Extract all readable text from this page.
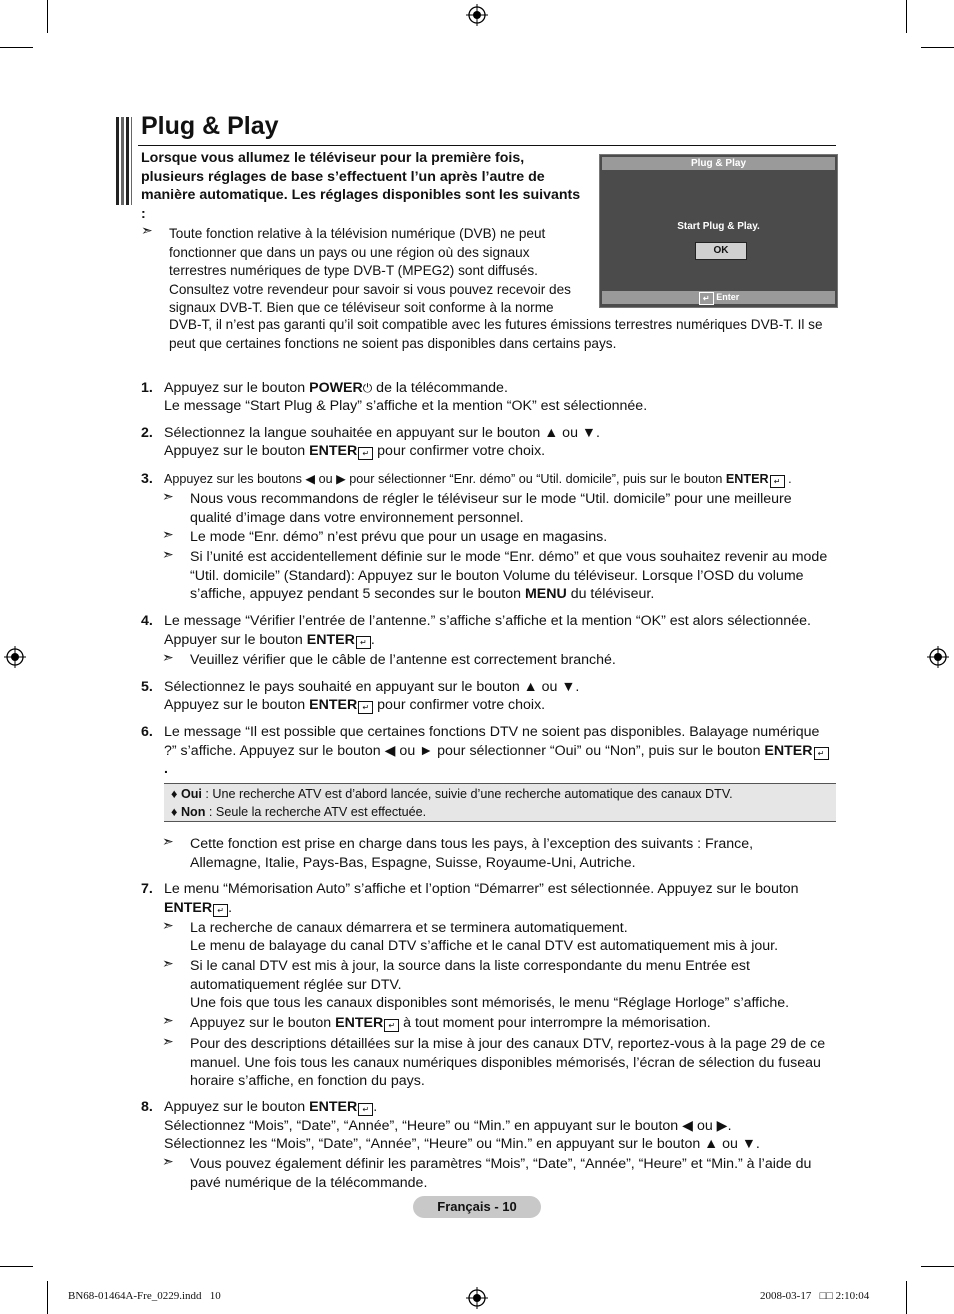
Plug & Play
Lorsque vous allumez le téléviseur pour la première fois, plusieurs réglages de base s’effectuent l’un après l’autre de manière automatique. Les réglages disponibles sont les suivants :
Plug & Play
Start Plug & Play.
OK
↵ Enter
➣ Toute fonction relative à la télévision numérique (DVB) ne peut fonctionner que dans un pays ou une région où des signaux terrestres numériques de type DVB-T (MPEG2) sont diffusés. Consultez votre revendeur pour savoir si vous pouvez recevoir des signaux DVB-T. Bien que ce téléviseur soit conforme à la norme
DVB-T, il n’est pas garanti qu’il soit compatible avec les futures émissions terrestres numériques DVB-T. Il se peut que certaines fonctions ne soient pas disponibles dans certains pays.
1. Appuyez sur le bouton POWER⏻ de la télécommande.
Le message “Start Plug & Play” s’affiche et la mention “OK” est sélectionnée.
2. Sélectionnez la langue souhaitée en appuyant sur le bouton ▲ ou ▼.
Appuyez sur le bouton ENTER ↵ pour confirmer votre choix.
3. Appuyez sur les boutons ◀ ou ▶ pour sélectionner “Enr. démo” ou “Util. domicile”, puis sur le bouton ENTER ↵ .
➣ Nous vous recommandons de régler le téléviseur sur le mode “Util. domicile” pour une meilleure qualité d’image dans votre environnement personnel.
➣ Le mode “Enr. démo” n’est prévu que pour un usage en magasins.
➣ Si l’unité est accidentellement définie sur le mode “Enr. démo” et que vous souhaitez revenir au mode “Util. domicile” (Standard): Appuyez sur le bouton Volume du téléviseur. Lorsque l’OSD du volume s’affiche, appuyez pendant 5 secondes sur le bouton MENU du téléviseur.
4. Le message “Vérifier l’entrée de l’antenne.” s’affiche s’affiche et la mention “OK” est alors sélectionnée.
Appuyer sur le bouton ENTER ↵ .
➣ Veuillez vérifier que le câble de l’antenne est correctement branché.
5. Sélectionnez le pays souhaité en appuyant sur le bouton ▲ ou ▼.
Appuyez sur le bouton ENTER ↵ pour confirmer votre choix.
6. Le message “Il est possible que certaines fonctions DTV ne soient pas disponibles. Balayage numérique ?” s’affiche. Appuyez sur le bouton ◀ ou ► pour sélectionner “Oui” ou “Non”, puis sur le bouton ENTER ↵.
♦ Oui : Une recherche ATV est d’abord lancée, suivie d’une recherche automatique des canaux DTV.
♦ Non : Seule la recherche ATV est effectuée.
➣ Cette fonction est prise en charge dans tous les pays, à l’exception des suivants : France, Allemagne, Italie, Pays-Bas, Espagne, Suisse, Royaume-Uni, Autriche.
7. Le menu “Mémorisation Auto” s’affiche et l’option “Démarrer” est sélectionnée. Appuyez sur le bouton
ENTER ↵ .
➣ La recherche de canaux démarrera et se terminera automatiquement.
Le menu de balayage du canal DTV s’affiche et le canal DTV est automatiquement mis à jour.
➣ Si le canal DTV est mis à jour, la source dans la liste correspondante du menu Entrée est automatiquement réglée sur DTV.
Une fois que tous les canaux disponibles sont mémorisés, le menu “Réglage Horloge” s’affiche.
➣ Appuyez sur le bouton ENTER ↵ à tout moment pour interrompre la mémorisation.
➣ Pour des descriptions détaillées sur la mise à jour des canaux DTV, reportez-vous à la page 29 de ce manuel. Une fois tous les canaux numériques disponibles mémorisés, l’écran de sélection du fuseau horaire s’affiche, en fonction du pays.
8. Appuyez sur le bouton ENTER ↵ .
Sélectionnez “Mois”, “Date”, “Année”, “Heure” ou “Min.” en appuyant sur le bouton ◀ ou ▶.
Sélectionnez les “Mois”, “Date”, “Année”, “Heure” ou “Min.” en appuyant sur le bouton ▲ ou ▼.
➣ Vous pouvez également définir les paramètres “Mois”, “Date”, “Année”, “Heure” et “Min.” à l’aide du pavé numérique de la télécommande.
Français - 10
BN68-01464A-Fre_0229.indd   10	2008-03-17   □□ 2:10:04
